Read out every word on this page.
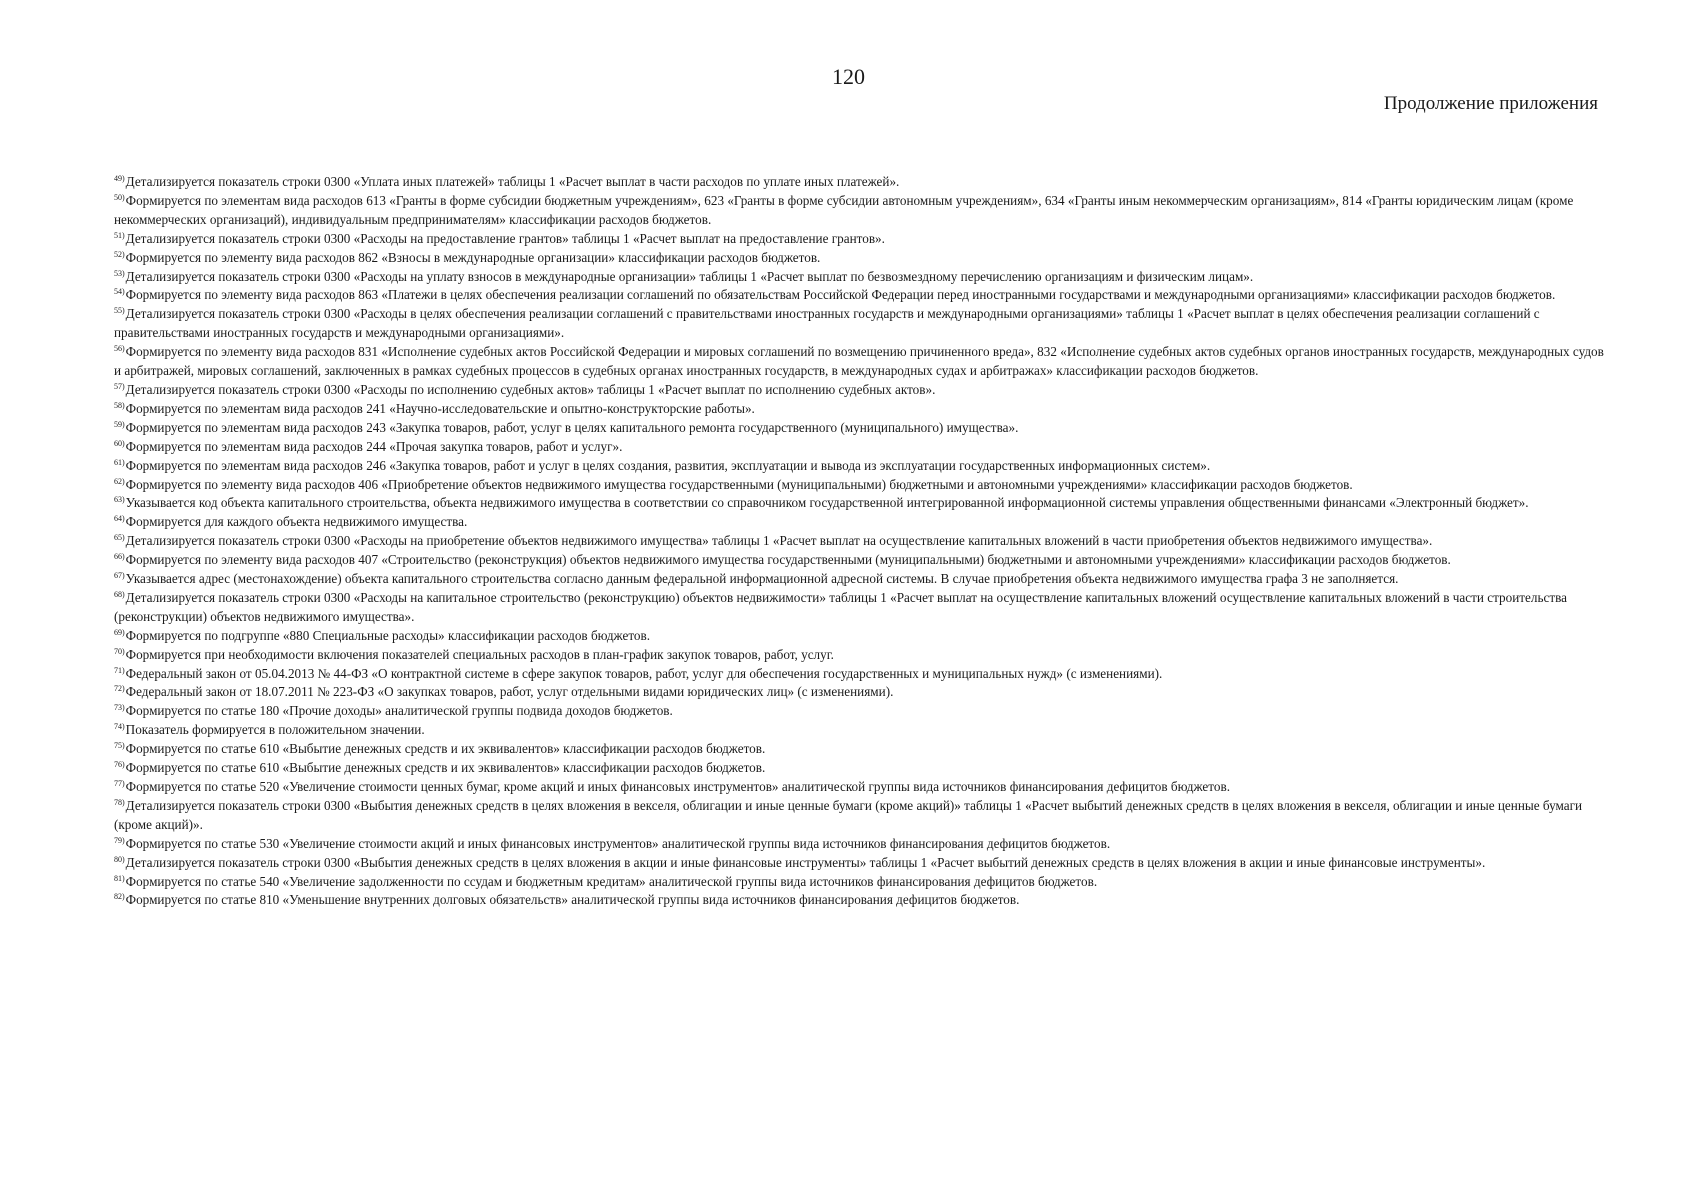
120
Продолжение приложения

$^{49)}$Детализируется показатель строки 0300 «Уплата иных платежей» таблицы 1 «Расчет выплат в части расходов по уплате иных платежей».

$^{50)}$Формируется по элементам вида расходов 613 «Гранты в форме субсидии бюджетным учреждениям», 623 «Гранты в форме субсидии автономным учреждениям», 634 «Гранты иным некоммерческим организациям», 814 «Гранты юридическим лицам (кроме некоммерческих организаций), индивидуальным предпринимателям» классификации расходов бюджетов.

$^{51)}$Детализируется показатель строки 0300 «Расходы на предоставление грантов» таблицы 1 «Расчет выплат на предоставление грантов».

$^{52)}$Формируется по элементу вида расходов 862 «Взносы в международные организации» классификации расходов бюджетов.

$^{53)}$Детализируется показатель строки 0300 «Расходы на уплату взносов в международные организации» таблицы 1 «Расчет выплат по безвозмездному перечислению организациям и физическим лицам».

$^{54)}$Формируется по элементу вида расходов 863 «Платежи в целях обеспечения реализации соглашений по обязательствам Российской Федерации перед иностранными государствами и международными организациями» классификации расходов бюджетов.

$^{55)}$Детализируется показатель строки 0300 «Расходы в целях обеспечения реализации соглашений с правительствами иностранных государств и международными организациями» таблицы 1 «Расчет выплат в целях обеспечения реализации соглашений с правительствами иностранных государств и международными организациями».

$^{56)}$Формируется по элементу вида расходов 831 «Исполнение судебных актов Российской Федерации и мировых соглашений по возмещению причиненного вреда», 832 «Исполнение судебных актов судебных органов иностранных государств, международных судов и арбитражей, мировых соглашений, заключенных в рамках судебных процессов в судебных органах иностранных государств, в международных судах и арбитражах» классификации расходов бюджетов.

$^{57)}$Детализируется показатель строки 0300 «Расходы по исполнению судебных актов» таблицы 1 «Расчет выплат по исполнению судебных актов».

$^{58)}$Формируется по элементам вида расходов 241 «Научно-исследовательские и опытно-конструкторские работы».

$^{59)}$Формируется по элементам вида расходов 243 «Закупка товаров, работ, услуг в целях капитального ремонта государственного (муниципального) имущества».

$^{60)}$Формируется по элементам вида расходов 244 «Прочая закупка товаров, работ и услуг».

$^{61)}$Формируется по элементам вида расходов 246 «Закупка товаров, работ и услуг в целях создания, развития, эксплуатации и вывода из эксплуатации государственных информационных систем».

$^{62)}$Формируется по элементу вида расходов 406 «Приобретение объектов недвижимого имущества государственными (муниципальными) бюджетными и автономными учреждениями» классификации расходов бюджетов.

$^{63)}$Указывается код объекта капитального строительства, объекта недвижимого имущества в соответствии со справочником государственной интегрированной информационной системы управления общественными финансами «Электронный бюджет».

$^{64)}$Формируется для каждого объекта недвижимого имущества.

$^{65)}$Детализируется показатель строки 0300 «Расходы на приобретение объектов недвижимого имущества» таблицы 1 «Расчет выплат на осуществление капитальных вложений в части приобретения объектов недвижимого имущества».

$^{66)}$Формируется по элементу вида расходов 407 «Строительство (реконструкция) объектов недвижимого имущества государственными (муниципальными) бюджетными и автономными учреждениями» классификации расходов бюджетов.

$^{67)}$Указывается адрес (местонахождение) объекта капитального строительства согласно данным федеральной информационной адресной системы. В случае приобретения объекта недвижимого имущества графа 3 не заполняется.

$^{68)}$Детализируется показатель строки 0300 «Расходы на капитальное строительство (реконструкцию) объектов недвижимости» таблицы 1 «Расчет выплат на осуществление капитальных вложений осуществление капитальных вложений в части строительства (реконструкции) объектов недвижимого имущества».

$^{69)}$Формируется по подгруппе «880 Специальные расходы» классификации расходов бюджетов.

$^{70)}$Формируется при необходимости включения показателей специальных расходов в план-график закупок товаров, работ, услуг.

$^{71)}$Федеральный закон от 05.04.2013 № 44-ФЗ «О контрактной системе в сфере закупок товаров, работ, услуг для обеспечения государственных и муниципальных нужд» (с изменениями).

$^{72)}$Федеральный закон от 18.07.2011 № 223-ФЗ «О закупках товаров, работ, услуг отдельными видами юридических лиц» (с изменениями).

$^{73)}$Формируется по статье 180 «Прочие доходы» аналитической группы подвида доходов бюджетов.

$^{74)}$Показатель формируется в положительном значении.

$^{75)}$Формируется по статье 610 «Выбытие денежных средств и их эквивалентов» классификации расходов бюджетов.

$^{76)}$Формируется по статье 610 «Выбытие денежных средств и их эквивалентов» классификации расходов бюджетов.

$^{77)}$Формируется по статье 520 «Увеличение стоимости ценных бумаг, кроме акций и иных финансовых инструментов» аналитической группы вида источников финансирования дефицитов бюджетов.

$^{78)}$Детализируется показатель строки 0300 «Выбытия денежных средств в целях вложения в векселя, облигации и иные ценные бумаги (кроме акций)» таблицы 1 «Расчет выбытий денежных средств в целях вложения в векселя, облигации и иные ценные бумаги (кроме акций)».

$^{79)}$Формируется по статье 530 «Увеличение стоимости акций и иных финансовых инструментов» аналитической группы вида источников финансирования дефицитов бюджетов.

$^{80)}$Детализируется показатель строки 0300 «Выбытия денежных средств в целях вложения в акции и иные финансовые инструменты» таблицы 1 «Расчет выбытий денежных средств в целях вложения в акции и иные финансовые инструменты».

$^{81)}$Формируется по статье 540 «Увеличение задолженности по ссудам и бюджетным кредитам» аналитической группы вида источников финансирования дефицитов бюджетов.

$^{82)}$Формируется по статье 810 «Уменьшение внутренних долговых обязательств» аналитической группы вида источников финансирования дефицитов бюджетов.
